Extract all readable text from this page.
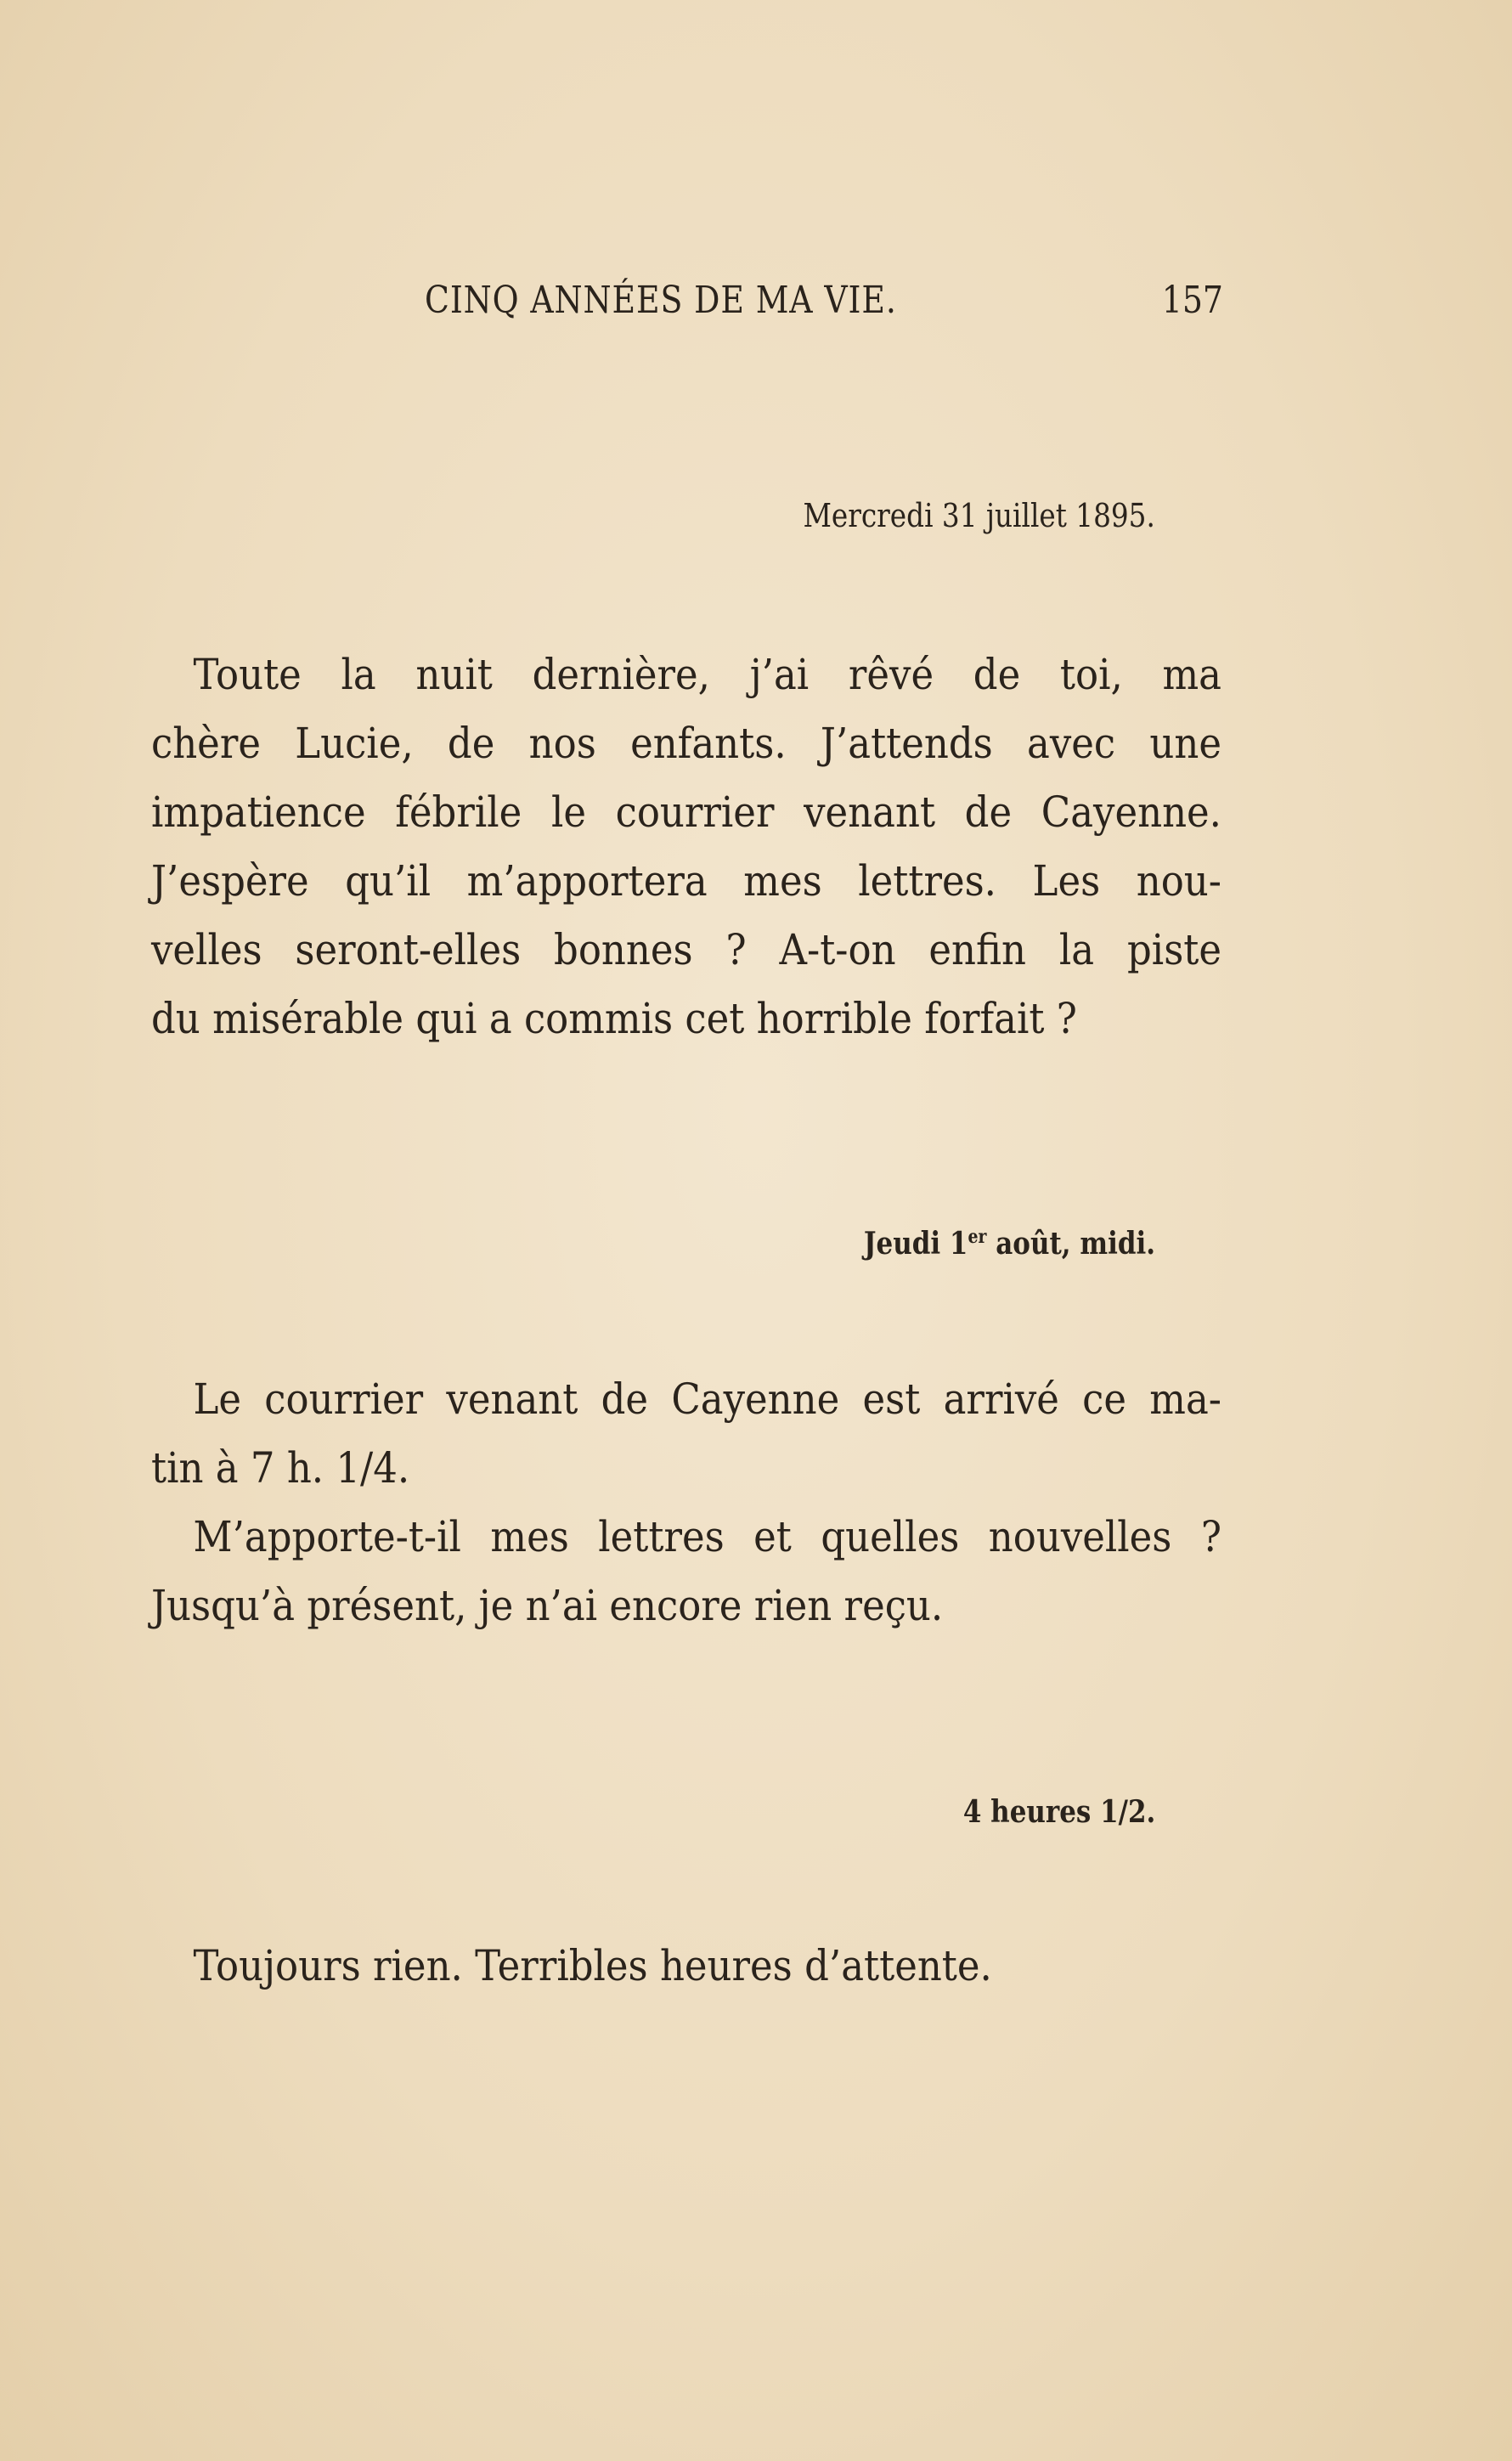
CINQ ANNÉES DE MA VIE.	157
Mercredi 31 juillet 1895.
Toute la nuit dernière, j’ai rêvé de toi, ma
chère Lucie, de nos enfants. J’attends avec une
impatience fébrile le courrier venant de Cayenne.
J’espère qu’il m’apportera mes lettres. Les nou-
velles seront-elles bonnes ? A-t-on enfin la piste
du misérable qui a commis cet horrible forfait ?
Jeudi 1er août, midi.
Le courrier venant de Cayenne est arrivé ce ma-
tin à 7 h. 1/4.
M’apporte-t-il mes lettres et quelles nouvelles ?
Jusqu’à présent, je n’ai encore rien reçu.
4 heures 1/2.
Toujours rien. Terribles heures d’attente.
